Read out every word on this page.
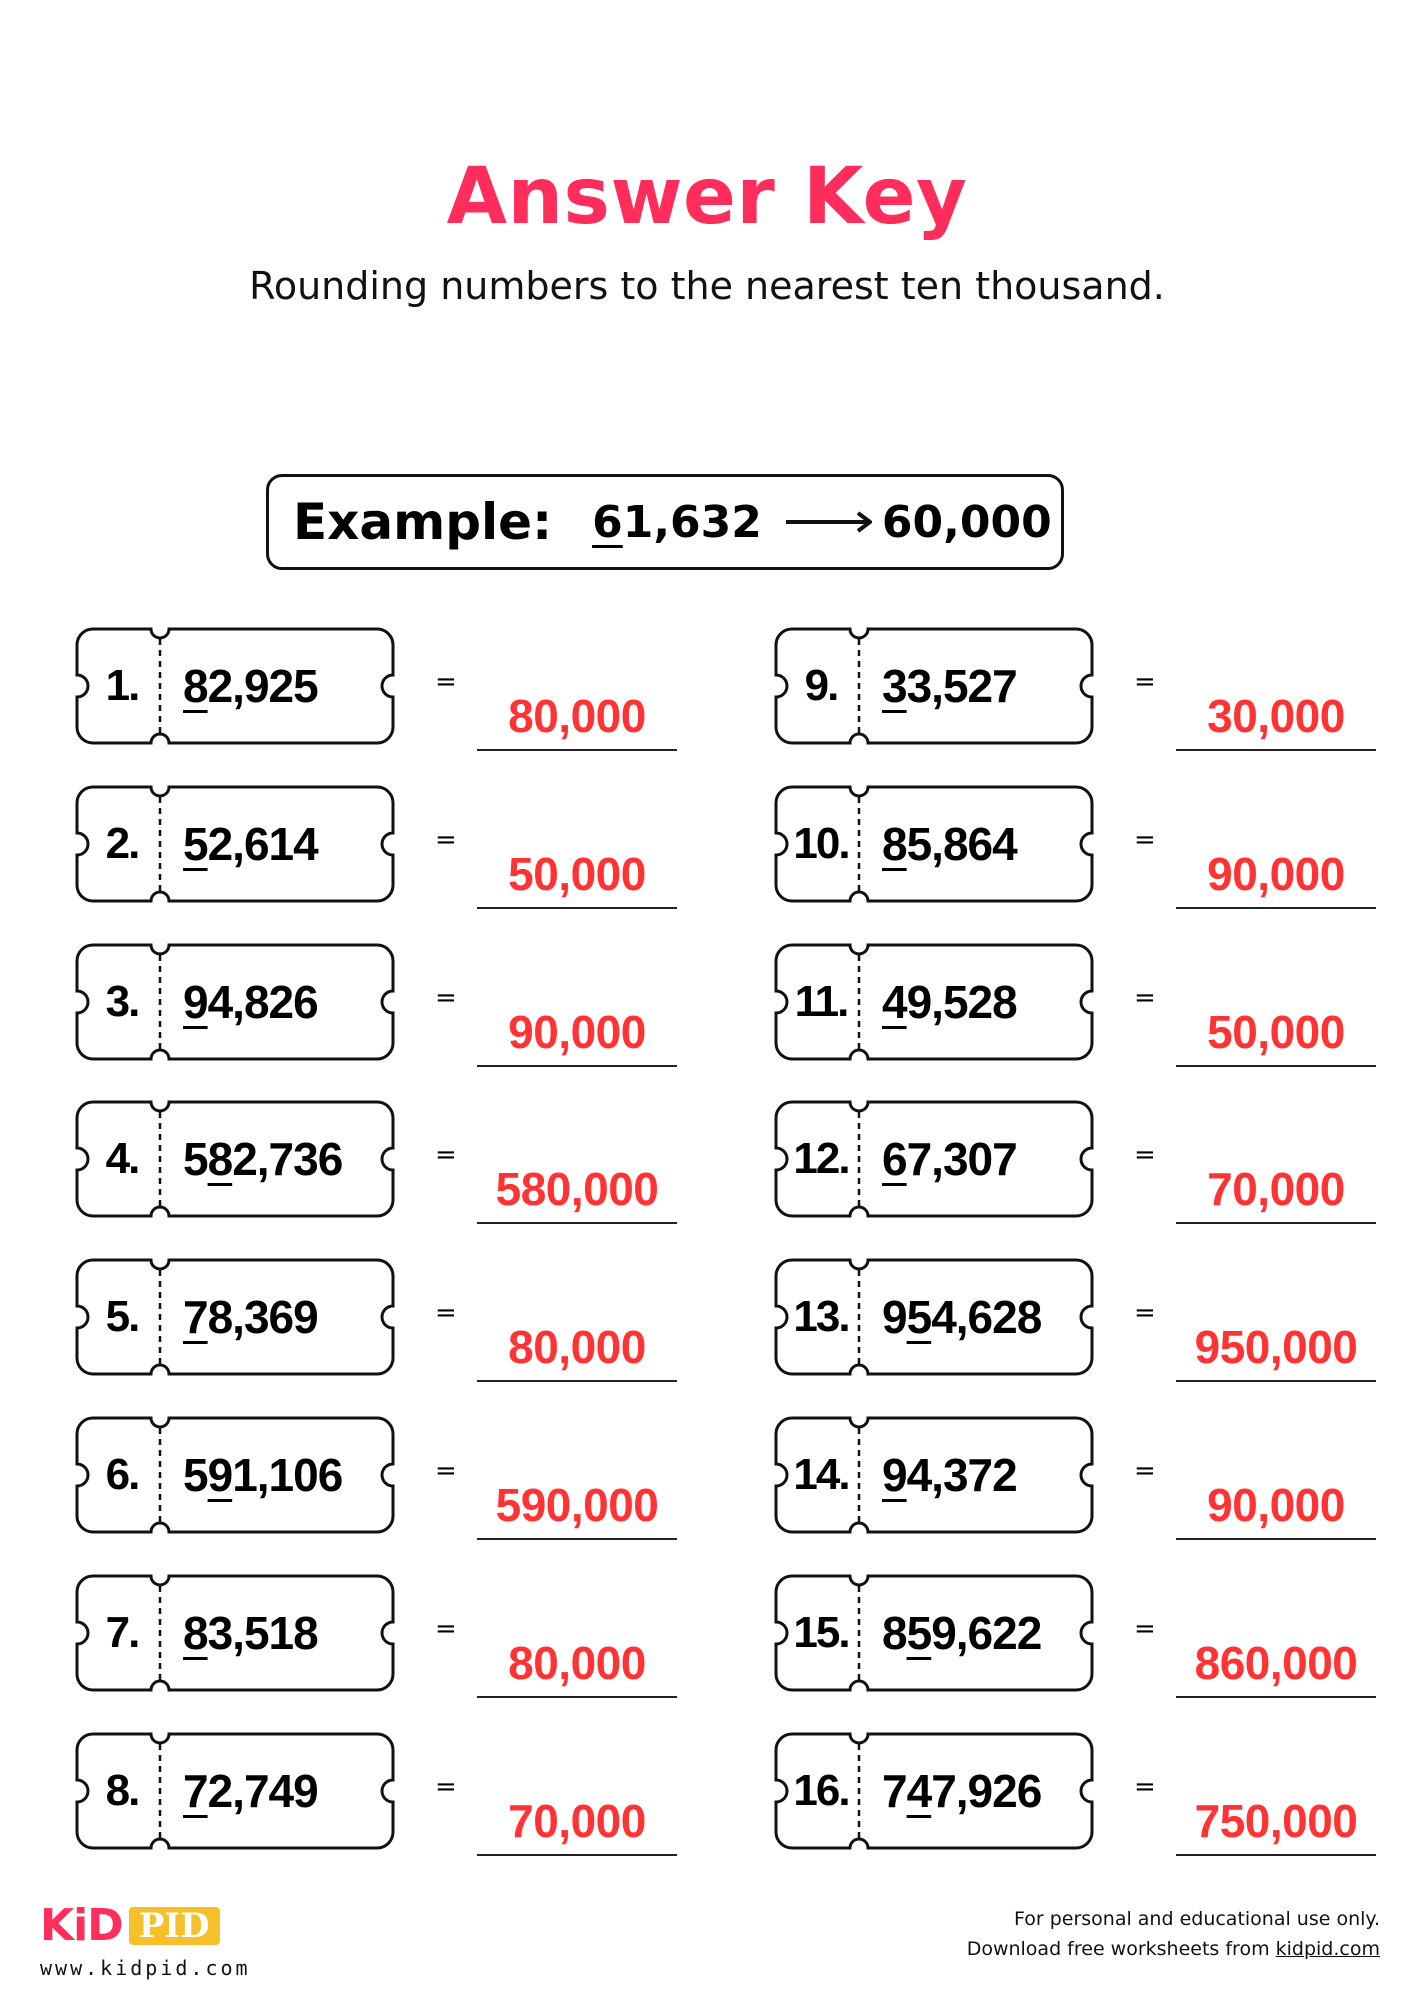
Answer Key
Rounding numbers to the nearest ten thousand.
Example: 61,632	60,000
1. 8 2,925	=
80,000
2. 5 2,614	=
50,000
3. 9 4,826	=
90,000
4. 5 8 2,736	=
580,000
5. 7 8,369	=
80,000
6. 5 9 1,106	=
590,000
7. 8 3,518	=
80,000
8. 7 2,749	=
70,000
9. 3 3,527	=
30,000
10. 8 5,864	=
90,000
11. 4 9,528	=
50,000
12. 6 7,307	=
70,000
13. 9 5 4,628	=
950,000
14. 9 4,372	=
90,000
15. 8 5 9,622	=
860,000
16. 7 4 7,926	=
750,000
KiD PID
www.kidpid.com
For personal and educational use only.
Download free worksheets from kidpid.com
